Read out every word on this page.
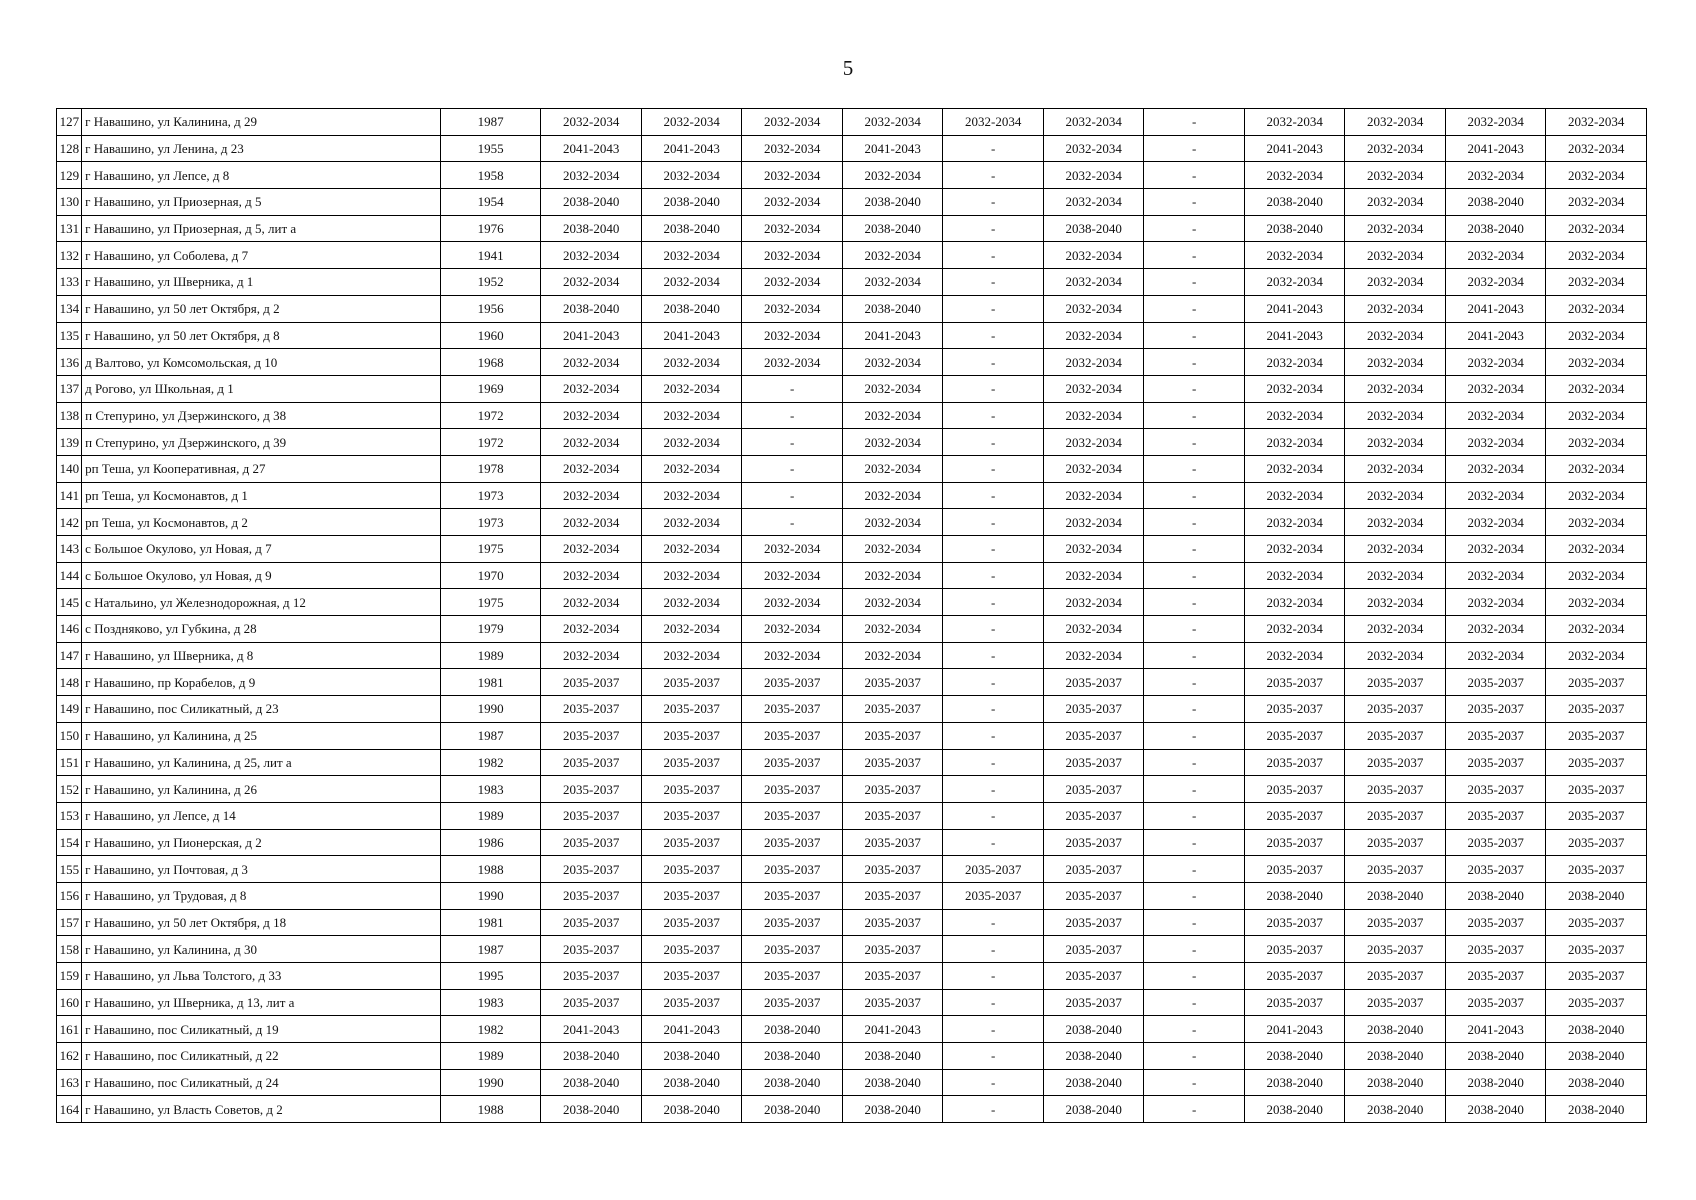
5
127	г Навашино, ул Калинина, д 29	1987	2032-2034	2032-2034	2032-2034	2032-2034	2032-2034	2032-2034	-	2032-2034	2032-2034	2032-2034	2032-2034
128	г Навашино, ул Ленина, д 23	1955	2041-2043	2041-2043	2032-2034	2041-2043	-	2032-2034	-	2041-2043	2032-2034	2041-2043	2032-2034
129	г Навашино, ул Лепсе, д 8	1958	2032-2034	2032-2034	2032-2034	2032-2034	-	2032-2034	-	2032-2034	2032-2034	2032-2034	2032-2034
130	г Навашино, ул Приозерная, д 5	1954	2038-2040	2038-2040	2032-2034	2038-2040	-	2032-2034	-	2038-2040	2032-2034	2038-2040	2032-2034
131	г Навашино, ул Приозерная, д 5, лит а	1976	2038-2040	2038-2040	2032-2034	2038-2040	-	2038-2040	-	2038-2040	2032-2034	2038-2040	2032-2034
132	г Навашино, ул Соболева, д 7	1941	2032-2034	2032-2034	2032-2034	2032-2034	-	2032-2034	-	2032-2034	2032-2034	2032-2034	2032-2034
133	г Навашино, ул Шверника, д 1	1952	2032-2034	2032-2034	2032-2034	2032-2034	-	2032-2034	-	2032-2034	2032-2034	2032-2034	2032-2034
134	г Навашино, ул 50 лет Октября, д 2	1956	2038-2040	2038-2040	2032-2034	2038-2040	-	2032-2034	-	2041-2043	2032-2034	2041-2043	2032-2034
135	г Навашино, ул 50 лет Октября, д 8	1960	2041-2043	2041-2043	2032-2034	2041-2043	-	2032-2034	-	2041-2043	2032-2034	2041-2043	2032-2034
136	д Валтово, ул Комсомольская, д 10	1968	2032-2034	2032-2034	2032-2034	2032-2034	-	2032-2034	-	2032-2034	2032-2034	2032-2034	2032-2034
137	д Рогово, ул Школьная, д 1	1969	2032-2034	2032-2034	-	2032-2034	-	2032-2034	-	2032-2034	2032-2034	2032-2034	2032-2034
138	п Степурино, ул Дзержинского, д 38	1972	2032-2034	2032-2034	-	2032-2034	-	2032-2034	-	2032-2034	2032-2034	2032-2034	2032-2034
139	п Степурино, ул Дзержинского, д 39	1972	2032-2034	2032-2034	-	2032-2034	-	2032-2034	-	2032-2034	2032-2034	2032-2034	2032-2034
140	рп Теша, ул Кооперативная, д 27	1978	2032-2034	2032-2034	-	2032-2034	-	2032-2034	-	2032-2034	2032-2034	2032-2034	2032-2034
141	рп Теша, ул Космонавтов, д 1	1973	2032-2034	2032-2034	-	2032-2034	-	2032-2034	-	2032-2034	2032-2034	2032-2034	2032-2034
142	рп Теша, ул Космонавтов, д 2	1973	2032-2034	2032-2034	-	2032-2034	-	2032-2034	-	2032-2034	2032-2034	2032-2034	2032-2034
143	с Большое Окулово, ул Новая, д 7	1975	2032-2034	2032-2034	2032-2034	2032-2034	-	2032-2034	-	2032-2034	2032-2034	2032-2034	2032-2034
144	с Большое Окулово, ул Новая, д 9	1970	2032-2034	2032-2034	2032-2034	2032-2034	-	2032-2034	-	2032-2034	2032-2034	2032-2034	2032-2034
145	с Натальино, ул Железнодорожная, д 12	1975	2032-2034	2032-2034	2032-2034	2032-2034	-	2032-2034	-	2032-2034	2032-2034	2032-2034	2032-2034
146	с Поздняково, ул Губкина, д 28	1979	2032-2034	2032-2034	2032-2034	2032-2034	-	2032-2034	-	2032-2034	2032-2034	2032-2034	2032-2034
147	г Навашино, ул Шверника, д 8	1989	2032-2034	2032-2034	2032-2034	2032-2034	-	2032-2034	-	2032-2034	2032-2034	2032-2034	2032-2034
148	г Навашино, пр Корабелов, д 9	1981	2035-2037	2035-2037	2035-2037	2035-2037	-	2035-2037	-	2035-2037	2035-2037	2035-2037	2035-2037
149	г Навашино, пос Силикатный, д 23	1990	2035-2037	2035-2037	2035-2037	2035-2037	-	2035-2037	-	2035-2037	2035-2037	2035-2037	2035-2037
150	г Навашино, ул Калинина, д 25	1987	2035-2037	2035-2037	2035-2037	2035-2037	-	2035-2037	-	2035-2037	2035-2037	2035-2037	2035-2037
151	г Навашино, ул Калинина, д 25, лит а	1982	2035-2037	2035-2037	2035-2037	2035-2037	-	2035-2037	-	2035-2037	2035-2037	2035-2037	2035-2037
152	г Навашино, ул Калинина, д 26	1983	2035-2037	2035-2037	2035-2037	2035-2037	-	2035-2037	-	2035-2037	2035-2037	2035-2037	2035-2037
153	г Навашино, ул Лепсе, д 14	1989	2035-2037	2035-2037	2035-2037	2035-2037	-	2035-2037	-	2035-2037	2035-2037	2035-2037	2035-2037
154	г Навашино, ул Пионерская, д 2	1986	2035-2037	2035-2037	2035-2037	2035-2037	-	2035-2037	-	2035-2037	2035-2037	2035-2037	2035-2037
155	г Навашино, ул Почтовая, д 3	1988	2035-2037	2035-2037	2035-2037	2035-2037	2035-2037	2035-2037	-	2035-2037	2035-2037	2035-2037	2035-2037
156	г Навашино, ул Трудовая, д 8	1990	2035-2037	2035-2037	2035-2037	2035-2037	2035-2037	2035-2037	-	2038-2040	2038-2040	2038-2040	2038-2040
157	г Навашино, ул 50 лет Октября, д 18	1981	2035-2037	2035-2037	2035-2037	2035-2037	-	2035-2037	-	2035-2037	2035-2037	2035-2037	2035-2037
158	г Навашино, ул Калинина, д 30	1987	2035-2037	2035-2037	2035-2037	2035-2037	-	2035-2037	-	2035-2037	2035-2037	2035-2037	2035-2037
159	г Навашино, ул Льва Толстого, д 33	1995	2035-2037	2035-2037	2035-2037	2035-2037	-	2035-2037	-	2035-2037	2035-2037	2035-2037	2035-2037
160	г Навашино, ул Шверника, д 13, лит а	1983	2035-2037	2035-2037	2035-2037	2035-2037	-	2035-2037	-	2035-2037	2035-2037	2035-2037	2035-2037
161	г Навашино, пос Силикатный, д 19	1982	2041-2043	2041-2043	2038-2040	2041-2043	-	2038-2040	-	2041-2043	2038-2040	2041-2043	2038-2040
162	г Навашино, пос Силикатный, д 22	1989	2038-2040	2038-2040	2038-2040	2038-2040	-	2038-2040	-	2038-2040	2038-2040	2038-2040	2038-2040
163	г Навашино, пос Силикатный, д 24	1990	2038-2040	2038-2040	2038-2040	2038-2040	-	2038-2040	-	2038-2040	2038-2040	2038-2040	2038-2040
164	г Навашино, ул Власть Советов, д 2	1988	2038-2040	2038-2040	2038-2040	2038-2040	-	2038-2040	-	2038-2040	2038-2040	2038-2040	2038-2040
